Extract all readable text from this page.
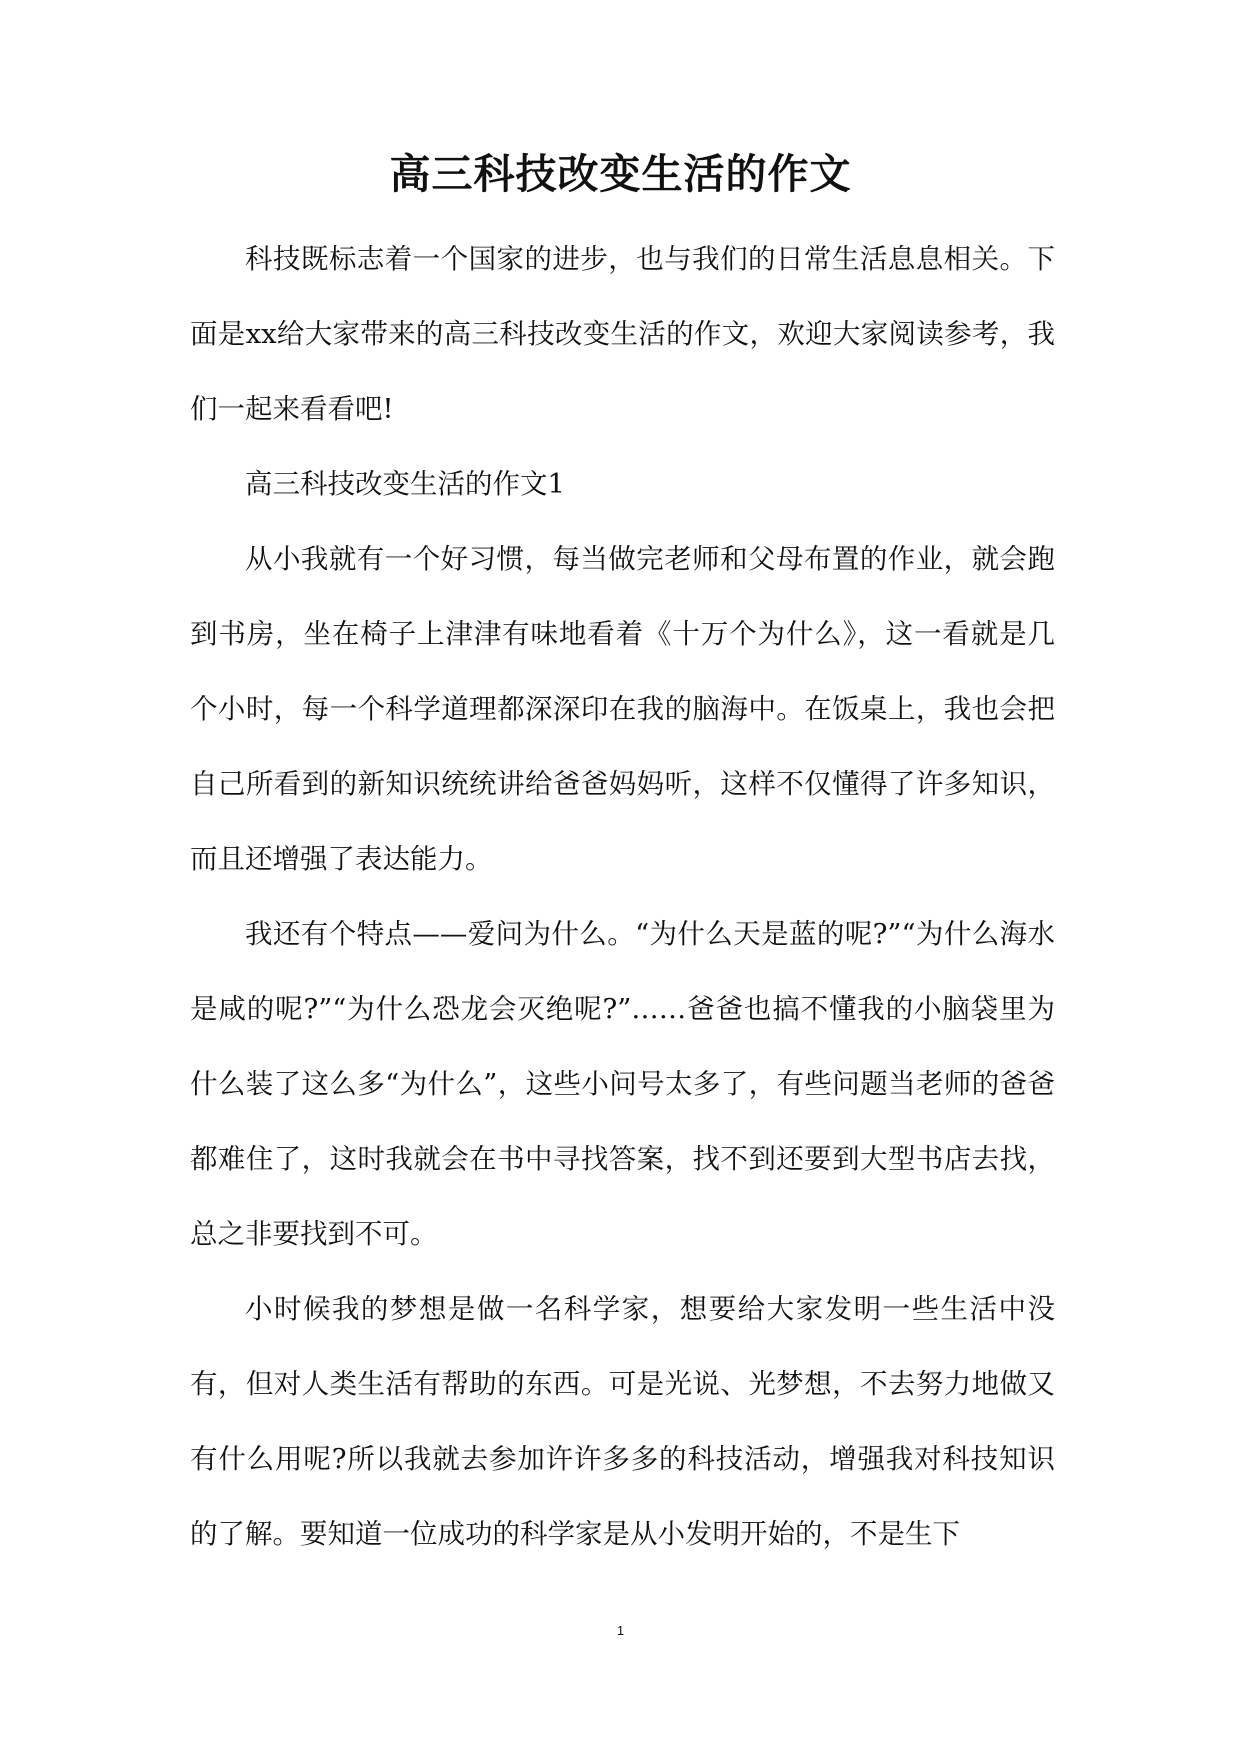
高三科技改变生活的作文

科技既标志着一个国家的进步，也与我们的日常生活息息相关。下面是xx给大家带来的高三科技改变生活的作文，欢迎大家阅读参考，我们一起来看看吧!

高三科技改变生活的作文1

从小我就有一个好习惯，每当做完老师和父母布置的作业，就会跑到书房，坐在椅子上津津有味地看着《十万个为什么》，这一看就是几个小时，每一个科学道理都深深印在我的脑海中。在饭桌上，我也会把自己所看到的新知识统统讲给爸爸妈妈听，这样不仅懂得了许多知识，而且还增强了表达能力。

我还有个特点——爱问为什么。“为什么天是蓝的呢?”“为什么海水是咸的呢?”“为什么恐龙会灭绝呢?”……爸爸也搞不懂我的小脑袋里为什么装了这么多“为什么”，这些小问号太多了，有些问题当老师的爸爸都难住了，这时我就会在书中寻找答案，找不到还要到大型书店去找，总之非要找到不可。

小时候我的梦想是做一名科学家，想要给大家发明一些生活中没有，但对人类生活有帮助的东西。可是光说、光梦想，不去努力地做又有什么用呢?所以我就去参加许许多多的科技活动，增强我对科技知识的了解。要知道一位成功的科学家是从小发明开始的，不是生下

1
